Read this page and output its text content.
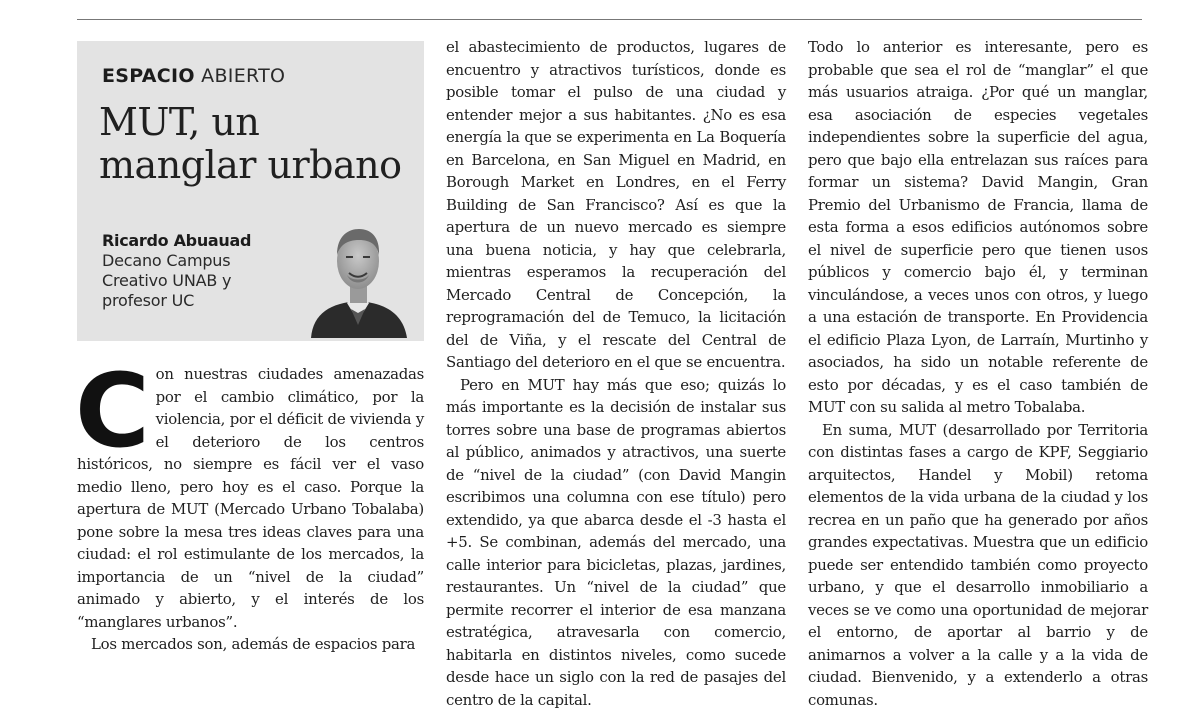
ESPACIO ABIERTO
MUT, un manglar urbano
Ricardo Abuauad
Decano Campus Creativo UNAB y profesor UC

Con nuestras ciudades amenazadas por el cambio climático, por la violencia, por el déficit de vivienda y el deterioro de los centros históricos, no siempre es fácil ver el vaso medio lleno, pero hoy es el caso. Porque la apertura de MUT (Mercado Urbano Tobalaba) pone sobre la mesa tres ideas claves para una ciudad: el rol estimulante de los mercados, la importancia de un “nivel de la ciudad” animado y abierto, y el interés de los “manglares urbanos”.

Los mercados son, además de espacios para

el abastecimiento de productos, lugares de encuentro y atractivos turísticos, donde es posible tomar el pulso de una ciudad y entender mejor a sus habitantes. ¿No es esa energía la que se experimenta en La Boquería en Barcelona, en San Miguel en Madrid, en Borough Market en Londres, en el Ferry Building de San Francisco? Así es que la apertura de un nuevo mercado es siempre una buena noticia, y hay que celebrarla, mientras esperamos la recuperación del Mercado Central de Concepción, la reprogramación del de Temuco, la licitación del de Viña, y el rescate del Central de Santiago del deterioro en el que se encuentra.

Pero en MUT hay más que eso; quizás lo más importante es la decisión de instalar sus torres sobre una base de programas abiertos al público, animados y atractivos, una suerte de “nivel de la ciudad” (con David Mangin escribimos una columna con ese título) pero extendido, ya que abarca desde el -3 hasta el +5. Se combinan, además del mercado, una calle interior para bicicletas, plazas, jardines, restaurantes. Un “nivel de la ciudad” que permite recorrer el interior de esa manzana estratégica, atravesarla con comercio, habitarla en distintos niveles, como sucede desde hace un siglo con la red de pasajes del centro de la capital.

Todo lo anterior es interesante, pero es probable que sea el rol de “manglar” el que más usuarios atraiga. ¿Por qué un manglar, esa asociación de especies vegetales independientes sobre la superficie del agua, pero que bajo ella entrelazan sus raíces para formar un sistema? David Mangin, Gran Premio del Urbanismo de Francia, llama de esta forma a esos edificios autónomos sobre el nivel de superficie pero que tienen usos públicos y comercio bajo él, y terminan vinculándose, a veces unos con otros, y luego a una estación de transporte. En Providencia el edificio Plaza Lyon, de Larraín, Murtinho y asociados, ha sido un notable referente de esto por décadas, y es el caso también de MUT con su salida al metro Tobalaba.

En suma, MUT (desarrollado por Territoria con distintas fases a cargo de KPF, Seggiario arquitectos, Handel y Mobil) retoma elementos de la vida urbana de la ciudad y los recrea en un paño que ha generado por años grandes expectativas. Muestra que un edificio puede ser entendido también como proyecto urbano, y que el desarrollo inmobiliario a veces se ve como una oportunidad de mejorar el entorno, de aportar al barrio y de animarnos a volver a la calle y a la vida de ciudad. Bienvenido, y a extenderlo a otras comunas.
